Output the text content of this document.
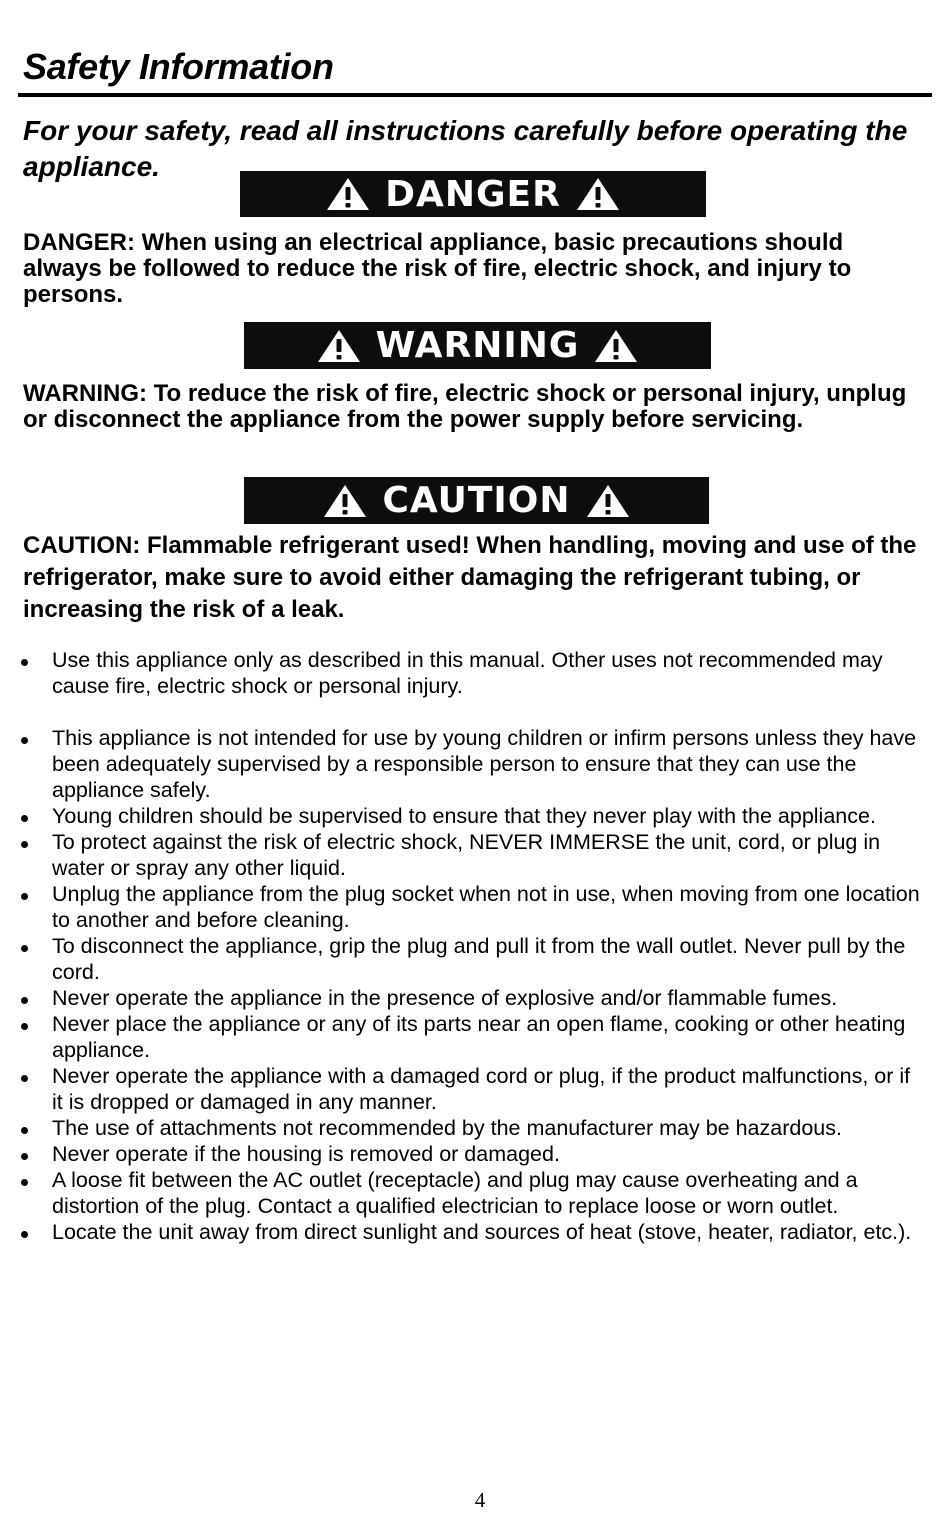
Safety Information

For your safety, read all instructions carefully before operating the appliance.

DANGER

DANGER: When using an electrical appliance, basic precautions should always be followed to reduce the risk of fire, electric shock, and injury to persons.

WARNING

WARNING: To reduce the risk of fire, electric shock or personal injury, unplug or disconnect the appliance from the power supply before servicing.

CAUTION

CAUTION: Flammable refrigerant used! When handling, moving and use of the refrigerator, make sure to avoid either damaging the refrigerant tubing, or increasing the risk of a leak.

Use this appliance only as described in this manual. Other uses not recommended may cause fire, electric shock or personal injury.
This appliance is not intended for use by young children or infirm persons unless they have been adequately supervised by a responsible person to ensure that they can use the appliance safely.
Young children should be supervised to ensure that they never play with the appliance.
To protect against the risk of electric shock, NEVER IMMERSE the unit, cord, or plug in water or spray any other liquid.
Unplug the appliance from the plug socket when not in use, when moving from one location to another and before cleaning.
To disconnect the appliance, grip the plug and pull it from the wall outlet. Never pull by the cord.
Never operate the appliance in the presence of explosive and/or flammable fumes.
Never place the appliance or any of its parts near an open flame, cooking or other heating appliance.
Never operate the appliance with a damaged cord or plug, if the product malfunctions, or if it is dropped or damaged in any manner.
The use of attachments not recommended by the manufacturer may be hazardous.
Never operate if the housing is removed or damaged.
A loose fit between the AC outlet (receptacle) and plug may cause overheating and a distortion of the plug. Contact a qualified electrician to replace loose or worn outlet.
Locate the unit away from direct sunlight and sources of heat (stove, heater, radiator, etc.).
4
